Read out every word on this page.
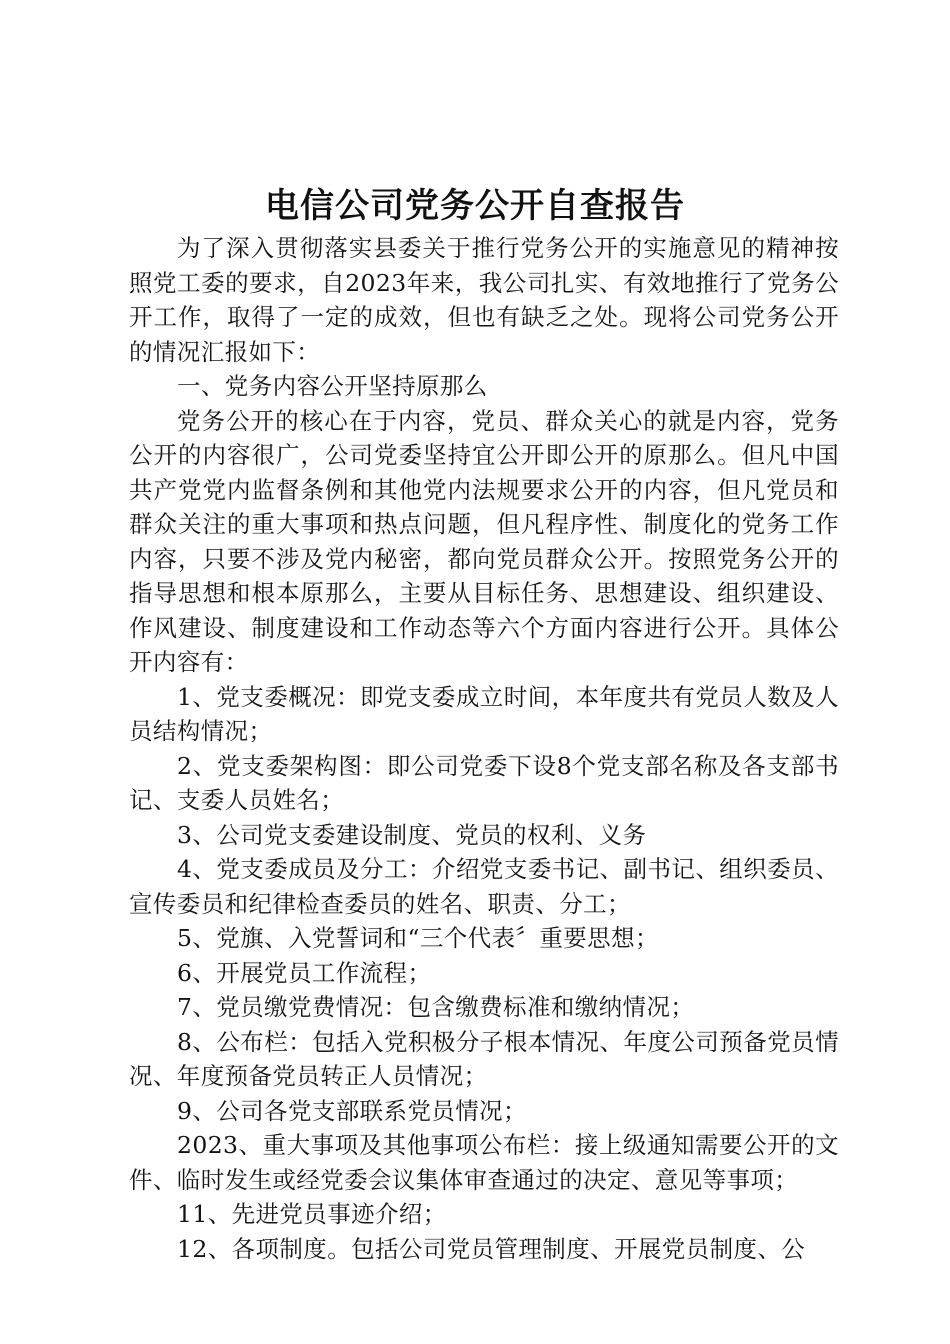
电信公司党务公开自查报告

为了深入贯彻落实县委关于推行党务公开的实施意见的精神按照党工委的要求，自2023年来，我公司扎实、有效地推行了党务公开工作，取得了一定的成效，但也有缺乏之处。现将公司党务公开的情况汇报如下：

一、党务内容公开坚持原那么

党务公开的核心在于内容，党员、群众关心的就是内容，党务公开的内容很广，公司党委坚持宜公开即公开的原那么。但凡中国共产党党内监督条例和其他党内法规要求公开的内容，但凡党员和群众关注的重大事项和热点问题，但凡程序性、制度化的党务工作内容，只要不涉及党内秘密，都向党员群众公开。按照党务公开的指导思想和根本原那么，主要从目标任务、思想建设、组织建设、作风建设、制度建设和工作动态等六个方面内容进行公开。具体公开内容有：

1、党支委概况：即党支委成立时间，本年度共有党员人数及人员结构情况；

2、党支委架构图：即公司党委下设8个党支部名称及各支部书记、支委人员姓名；

3、公司党支委建设制度、党员的权利、义务

4、党支委成员及分工：介绍党支委书记、副书记、组织委员、宣传委员和纪律检查委员的姓名、职责、分工；

5、党旗、入党誓词和“三个代表〞重要思想；

6、开展党员工作流程；

7、党员缴党费情况：包含缴费标准和缴纳情况；

8、公布栏：包括入党积极分子根本情况、年度公司预备党员情况、年度预备党员转正人员情况；

9、公司各党支部联系党员情况；

2023、重大事项及其他事项公布栏：接上级通知需要公开的文件、临时发生或经党委会议集体审查通过的决定、意见等事项；

11、先进党员事迹介绍；

12、各项制度。包括公司党员管理制度、开展党员制度、公
